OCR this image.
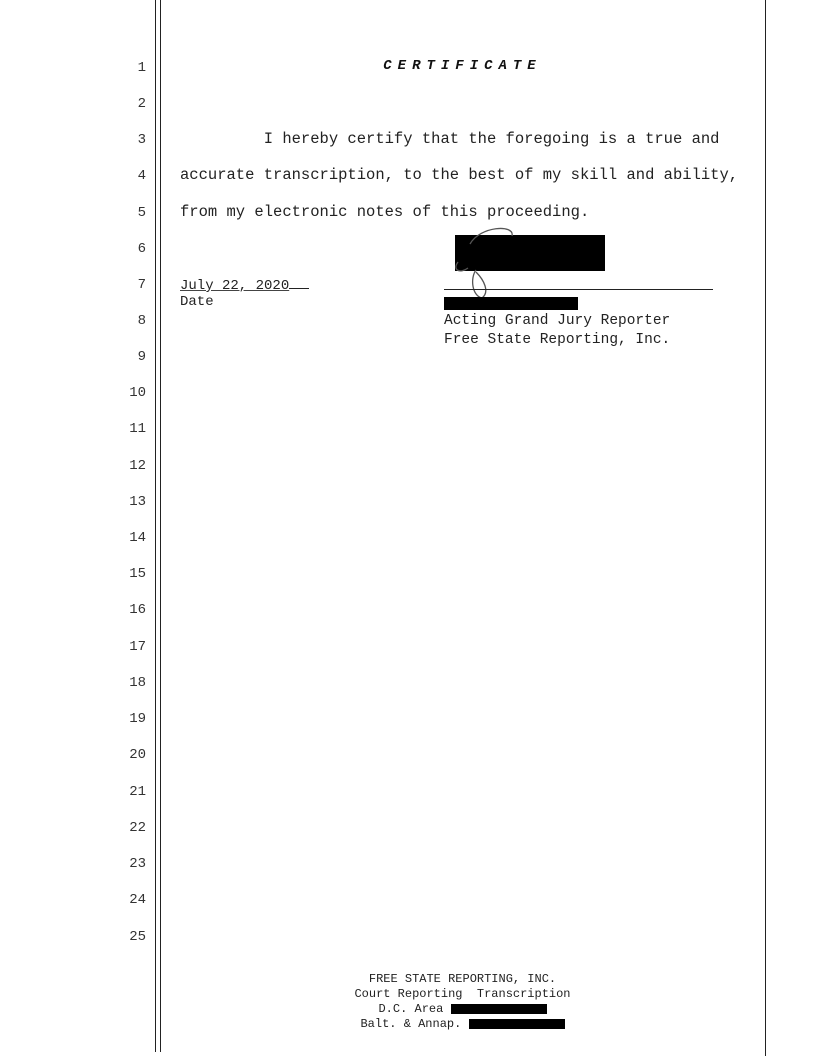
1
2
3
4
5
6
7
8
9
10
11
12
13
14
15
16
17
18
19
20
21
22
23
24
25
CERTIFICATE
I hereby certify that the foregoing is a true and
accurate transcription, to the best of my skill and ability,
from my electronic notes of this proceeding.
July 22, 2020
Date
Acting Grand Jury Reporter
Free State Reporting, Inc.
FREE STATE REPORTING, INC.
Court Reporting  Transcription
D.C. Area
Balt. & Annap.
